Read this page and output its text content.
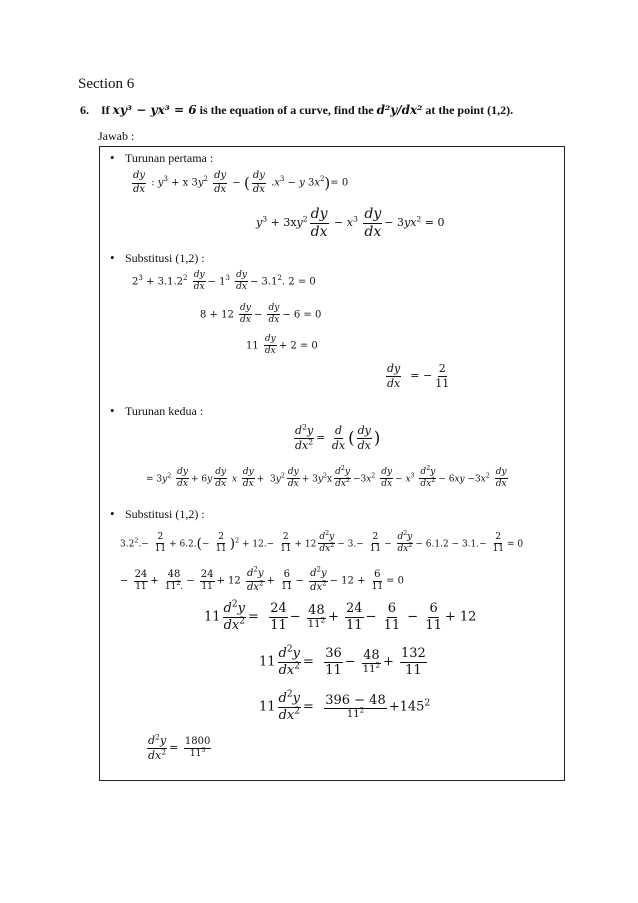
Section 6
6. If xy³ − yx³ = 6 is the equation of a curve, find the d²y/dx² at the point (1,2).
Jawab :
• Turunan pertama :
$\frac{dy}{dx}$ : $y^3 + x$ $3y^2 \frac{dy}{dx}$ − ( $\frac{dy}{dx} .x^3 - y$ $3x^2)= 0$
$y^3 + 3xy^2 \frac{dy}{dx} - x^3 \frac{dy}{dx} - 3yx^2 = 0$
• Substitusi (1,2) :
$2^3 + 3.1.2^2 \frac{dy}{dx} - 1^3 \frac{dy}{dx} - 3.1^2$. 2 = 0
$8 + 12 \frac{dy}{dx} - \frac{dy}{dx} - 6 = 0$
$11 \frac{dy}{dx} + 2 = 0$
$\frac{dy}{dx}$ = − $\frac{2}{11}$
• Turunan kedua :
$\frac{d^2y}{dx^2} = \frac{d}{dx}$ ( $\frac{dy}{dx}$ )
= $3y^2 \frac{dy}{dx} + 6y \frac{dy}{dx}$ x $\frac{dy}{dx} + 3y^2 \frac{dy}{dx} + 3y^2x \frac{d^2y}{dx^2} -3x^2 \frac{dy}{dx} - x^3 \frac{d^2y}{dx^2} - 6xy -3x^2 \frac{dy}{dx}$
• Substitusi (1,2) :
$3.2^2.- \frac{2}{11} + 6.2.(- \frac{2}{11} )^2 + 12.- \frac{2}{11} + 12 \frac{d^2y}{dx^2} - 3.- \frac{2}{11} - \frac{d^2y}{dx^2} - 6.1.2 - 3.1.- \frac{2}{11} = 0$
− $\frac{24}{11} + \frac{48}{11^2.} - \frac{24}{11} + 12 \frac{d^2y}{dx^2} + \frac{6}{11} - \frac{d^2y}{dx^2} - 12 + \frac{6}{11} = 0$
$11 \frac{d^2y}{dx^2} = \frac{24}{11} - \frac{48}{11^2} + \frac{24}{11} - \frac{6}{11} - \frac{6}{11} + 12$
$11 \frac{d^2y}{dx^2} = \frac{36}{11} - \frac{48}{11^2} + \frac{132}{11}$
$11 \frac{d^2y}{dx^2} = \frac{396 - 48}{11^2} +145^2$
$\frac{d^2y}{dx^2} = \frac{1800}{11^3}$
